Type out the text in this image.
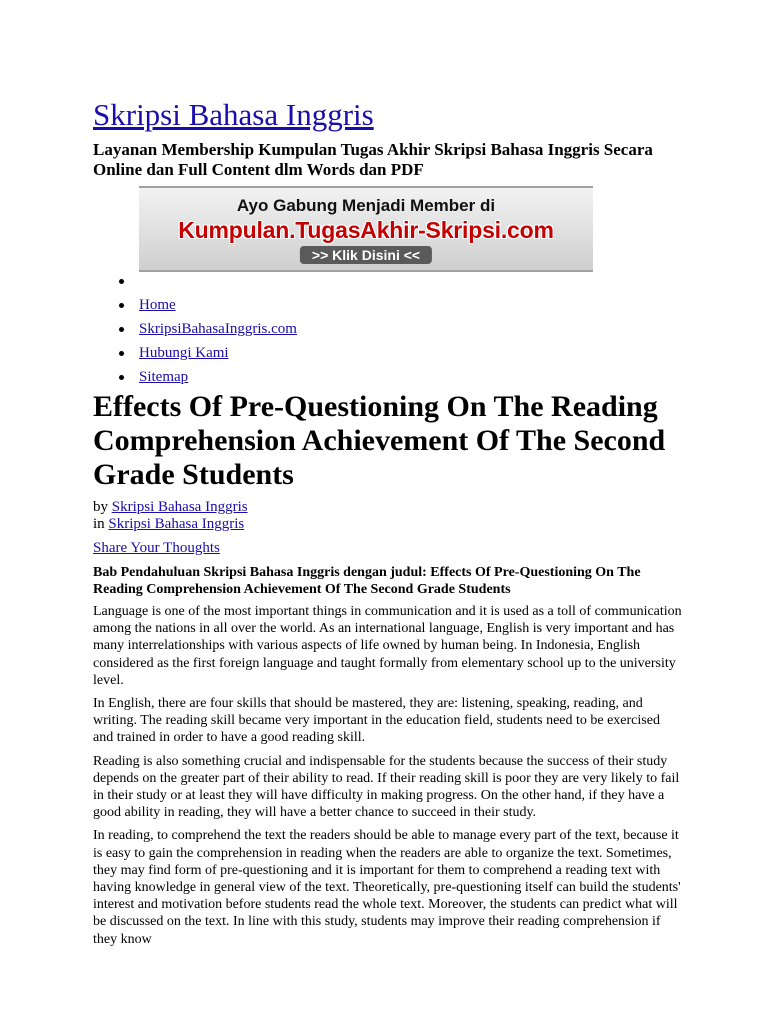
Skripsi Bahasa Inggris

Layanan Membership Kumpulan Tugas Akhir Skripsi Bahasa Inggris Secara Online dan Full Content dlm Words dan PDF

Ayo Gabung Menjadi Member di
Kumpulan.TugasAkhir-Skripsi.com
>> Klik Disini <<
Home
SkripsiBahasaInggris.com
Hubungi Kami
Sitemap
Effects Of Pre-Questioning On The Reading Comprehension Achievement Of The Second Grade Students
by Skripsi Bahasa Inggris
in Skripsi Bahasa Inggris
Share Your Thoughts

Bab Pendahuluan Skripsi Bahasa Inggris dengan judul: Effects Of Pre-Questioning On The Reading Comprehension Achievement Of The Second Grade Students

Language is one of the most important things in communication and it is used as a toll of communication among the nations in all over the world. As an international language, English is very important and has many interrelationships with various aspects of life owned by human being. In Indonesia, English considered as the first foreign language and taught formally from elementary school up to the university level.

In English, there are four skills that should be mastered, they are: listening, speaking, reading, and writing. The reading skill became very important in the education field, students need to be exercised and trained in order to have a good reading skill.

Reading is also something crucial and indispensable for the students because the success of their study depends on the greater part of their ability to read. If their reading skill is poor they are very likely to fail in their study or at least they will have difficulty in making progress. On the other hand, if they have a good ability in reading, they will have a better chance to succeed in their study.

In reading, to comprehend the text the readers should be able to manage every part of the text, because it is easy to gain the comprehension in reading when the readers are able to organize the text. Sometimes, they may find form of pre-questioning and it is important for them to comprehend a reading text with having knowledge in general view of the text. Theoretically, pre-questioning itself can build the students' interest and motivation before students read the whole text. Moreover, the students can predict what will be discussed on the text. In line with this study, students may improve their reading comprehension if they know
